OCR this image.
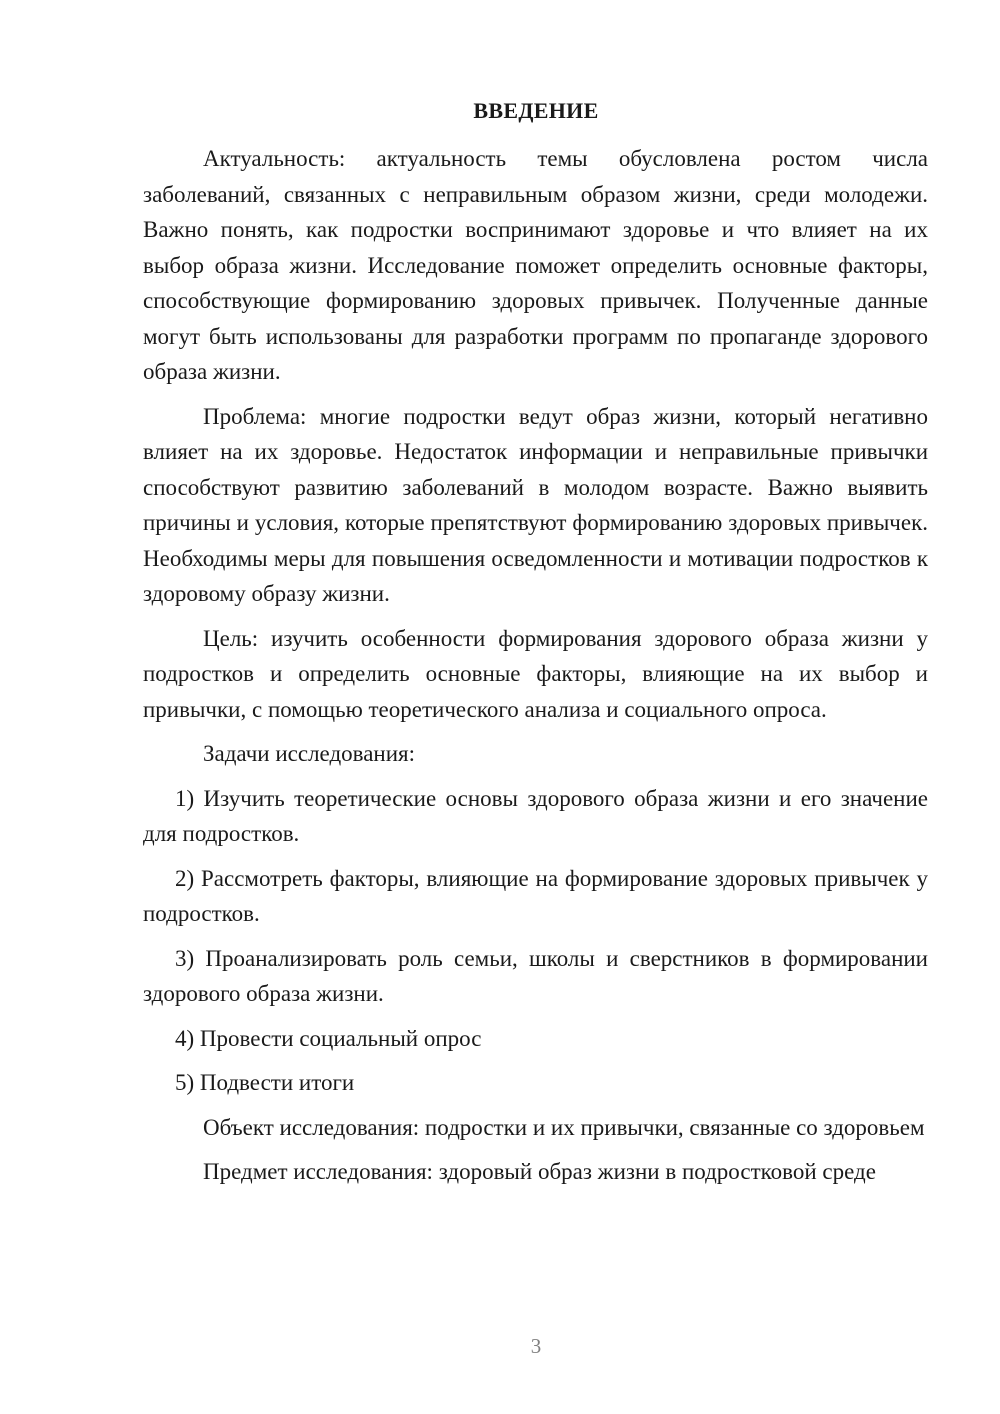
ВВЕДЕНИЕ

Актуальность: актуальность темы обусловлена ростом числа заболеваний, связанных с неправильным образом жизни, среди молодежи. Важно понять, как подростки воспринимают здоровье и что влияет на их выбор образа жизни. Исследование поможет определить основные факторы, способствующие формированию здоровых привычек. Полученные данные могут быть использованы для разработки программ по пропаганде здорового образа жизни.

Проблема: многие подростки ведут образ жизни, который негативно влияет на их здоровье. Недостаток информации и неправильные привычки способствуют развитию заболеваний в молодом возрасте. Важно выявить причины и условия, которые препятствуют формированию здоровых привычек. Необходимы меры для повышения осведомленности и мотивации подростков к здоровому образу жизни.

Цель: изучить особенности формирования здорового образа жизни у подростков и определить основные факторы, влияющие на их выбор и привычки, с помощью теоретического анализа и социального опроса.

Задачи исследования:

1) Изучить теоретические основы здорового образа жизни и его значение для подростков.

2) Рассмотреть факторы, влияющие на формирование здоровых привычек у подростков.

3) Проанализировать роль семьи, школы и сверстников в формировании здорового образа жизни.

4) Провести социальный опрос

5) Подвести итоги

Объект исследования: подростки и их привычки, связанные со здоровьем

Предмет исследования: здоровый образ жизни в подростковой среде

3
